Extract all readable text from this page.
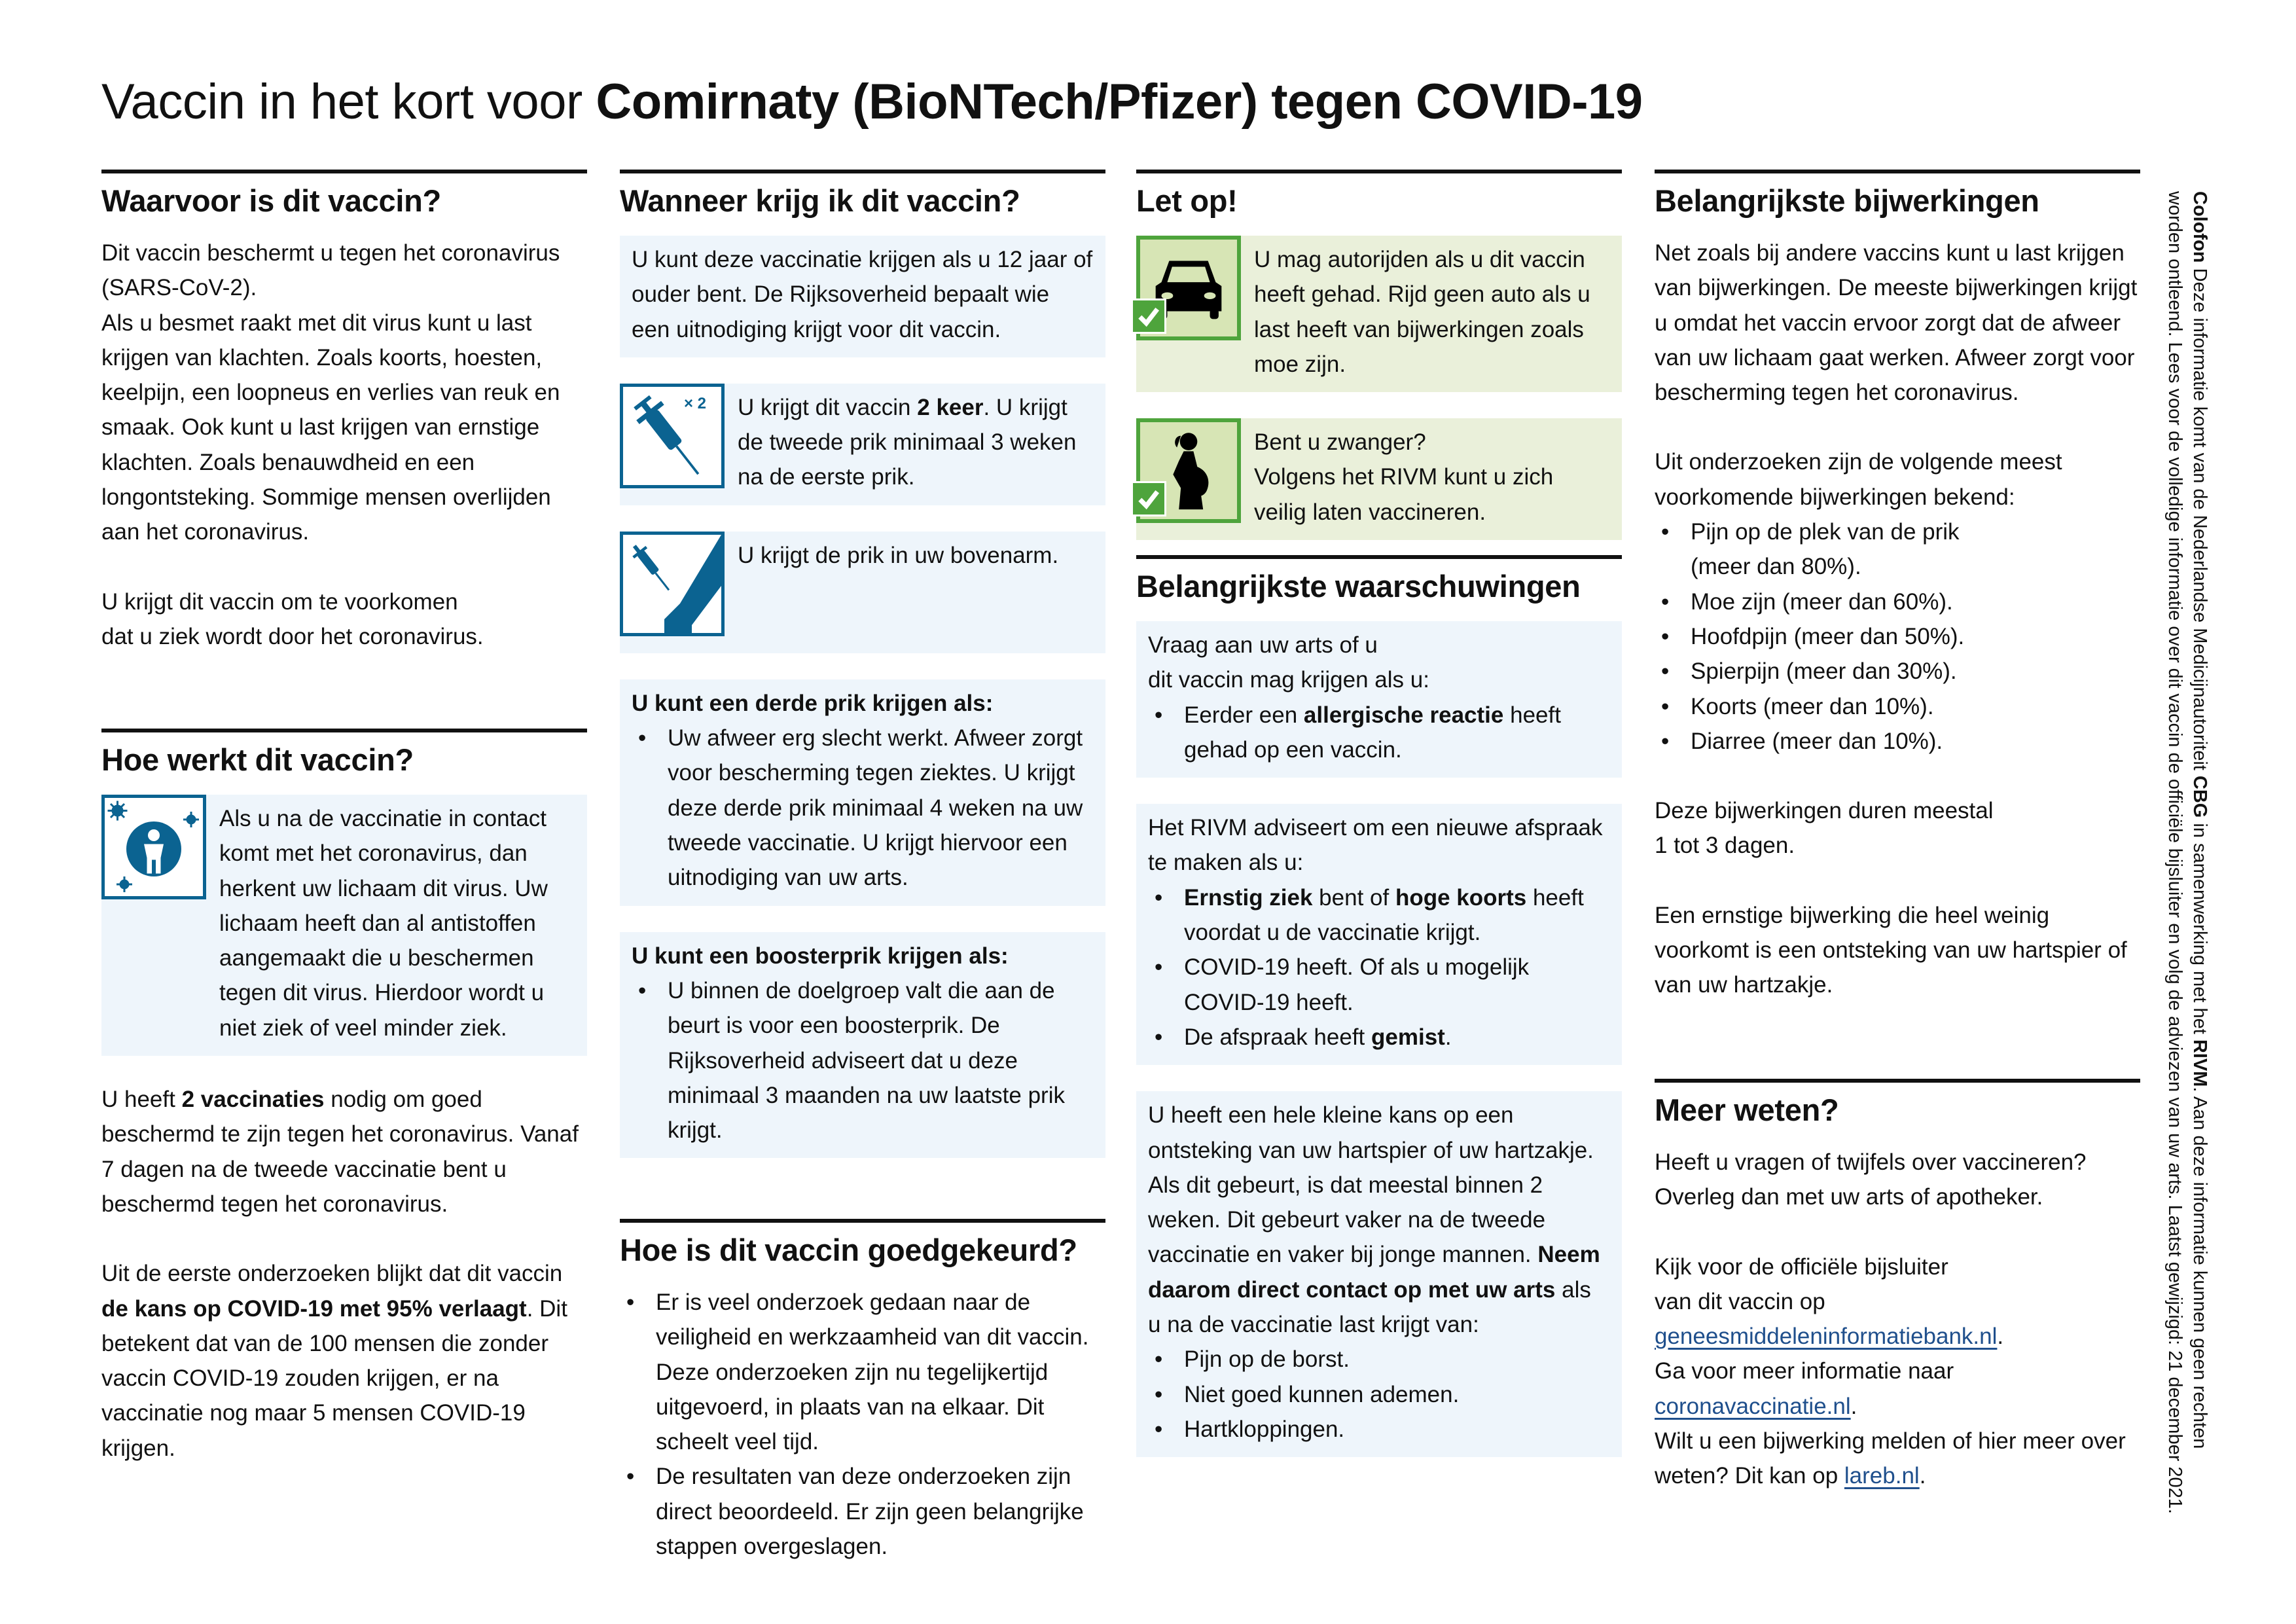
Vaccin in het kort voor Comirnaty (BioNTech/Pfizer) tegen COVID-19
Waarvoor is dit vaccin?
Dit vaccin beschermt u tegen het coronavirus (SARS-CoV-2).
Als u besmet raakt met dit virus kunt u last krijgen van klachten. Zoals koorts, hoesten, keelpijn, een loopneus en verlies van reuk en smaak. Ook kunt u last krijgen van ernstige klachten. Zoals benauwdheid en een longontsteking. Sommige mensen overlijden aan het coronavirus.
U krijgt dit vaccin om te voorkomen
dat u ziek wordt door het coronavirus.
Hoe werkt dit vaccin?
Als u na de vaccinatie in contact komt met het coronavirus, dan herkent uw lichaam dit virus. Uw lichaam heeft dan al antistoffen aangemaakt die u beschermen tegen dit virus. Hierdoor wordt u niet ziek of veel minder ziek.
U heeft 2 vaccinaties nodig om goed beschermd te zijn tegen het coronavirus. Vanaf 7 dagen na de tweede vaccinatie bent u beschermd tegen het coronavirus.
Uit de eerste onderzoeken blijkt dat dit vaccin de kans op COVID-19 met 95% verlaagt. Dit betekent dat van de 100 mensen die zonder vaccin COVID-19 zouden krijgen, er na vaccinatie nog maar 5 mensen COVID-19 krijgen.
Wanneer krijg ik dit vaccin?
U kunt deze vaccinatie krijgen als u 12 jaar of ouder bent. De Rijksoverheid bepaalt wie een uitnodiging krijgt voor dit vaccin.
× 2 U krijgt dit vaccin 2 keer. U krijgt de tweede prik minimaal 3 weken na de eerste prik.
U krijgt de prik in uw bovenarm.
U kunt een derde prik krijgen als:
• Uw afweer erg slecht werkt. Afweer zorgt voor bescherming tegen ziektes. U krijgt deze derde prik minimaal 4 weken na uw tweede vaccinatie. U krijgt hiervoor een uitnodiging van uw arts.
U kunt een boosterprik krijgen als:
• U binnen de doelgroep valt die aan de beurt is voor een boosterprik. De Rijksoverheid adviseert dat u deze minimaal 3 maanden na uw laatste prik krijgt.
Hoe is dit vaccin goedgekeurd?
• Er is veel onderzoek gedaan naar de veiligheid en werkzaamheid van dit vaccin. Deze onderzoeken zijn nu tegelijkertijd uitgevoerd, in plaats van na elkaar. Dit scheelt veel tijd.
• De resultaten van deze onderzoeken zijn direct beoordeeld. Er zijn geen belangrijke stappen overgeslagen.
Let op!
U mag autorijden als u dit vaccin heeft gehad. Rijd geen auto als u last heeft van bijwerkingen zoals moe zijn.
Bent u zwanger?
Volgens het RIVM kunt u zich veilig laten vaccineren.
Belangrijkste waarschuwingen
Vraag aan uw arts of u
dit vaccin mag krijgen als u:
• Eerder een allergische reactie heeft gehad op een vaccin.
Het RIVM adviseert om een nieuwe afspraak te maken als u:
• Ernstig ziek bent of hoge koorts heeft voordat u de vaccinatie krijgt.
• COVID-19 heeft. Of als u mogelijk COVID-19 heeft.
• De afspraak heeft gemist.
U heeft een hele kleine kans op een ontsteking van uw hartspier of uw hartzakje. Als dit gebeurt, is dat meestal binnen 2 weken. Dit gebeurt vaker na de tweede vaccinatie en vaker bij jonge mannen. Neem daarom direct contact op met uw arts als u na de vaccinatie last krijgt van:
• Pijn op de borst.
• Niet goed kunnen ademen.
• Hartkloppingen.
Belangrijkste bijwerkingen
Net zoals bij andere vaccins kunt u last krijgen van bijwerkingen. De meeste bijwerkingen krijgt u omdat het vaccin ervoor zorgt dat de afweer van uw lichaam gaat werken. Afweer zorgt voor bescherming tegen het coronavirus.
Uit onderzoeken zijn de volgende meest voorkomende bijwerkingen bekend:
• Pijn op de plek van de prik
(meer dan 80%).
• Moe zijn (meer dan 60%).
• Hoofdpijn (meer dan 50%).
• Spierpijn (meer dan 30%).
• Koorts (meer dan 10%).
• Diarree (meer dan 10%).
Deze bijwerkingen duren meestal
1 tot 3 dagen.
Een ernstige bijwerking die heel weinig voorkomt is een ontsteking van uw hartspier of van uw hartzakje.
Meer weten?
Heeft u vragen of twijfels over vaccineren? Overleg dan met uw arts of apotheker.
Kijk voor de officiële bijsluiter
van dit vaccin op
geneesmiddeleninformatiebank.nl.
Ga voor meer informatie naar
coronavaccinatie.nl.
Wilt u een bijwerking melden of hier meer over weten? Dit kan op lareb.nl.
Colofon Deze informatie komt van de Nederlandse Medicijnautoriteit CBG in samenwerking met het RIVM. Aan deze informatie kunnen geen rechten
worden ontleend. Lees voor de volledige informatie over dit vaccin de officiële bijsluiter en volg de adviezen van uw arts. Laatst gewijzigd: 21 december 2021.
